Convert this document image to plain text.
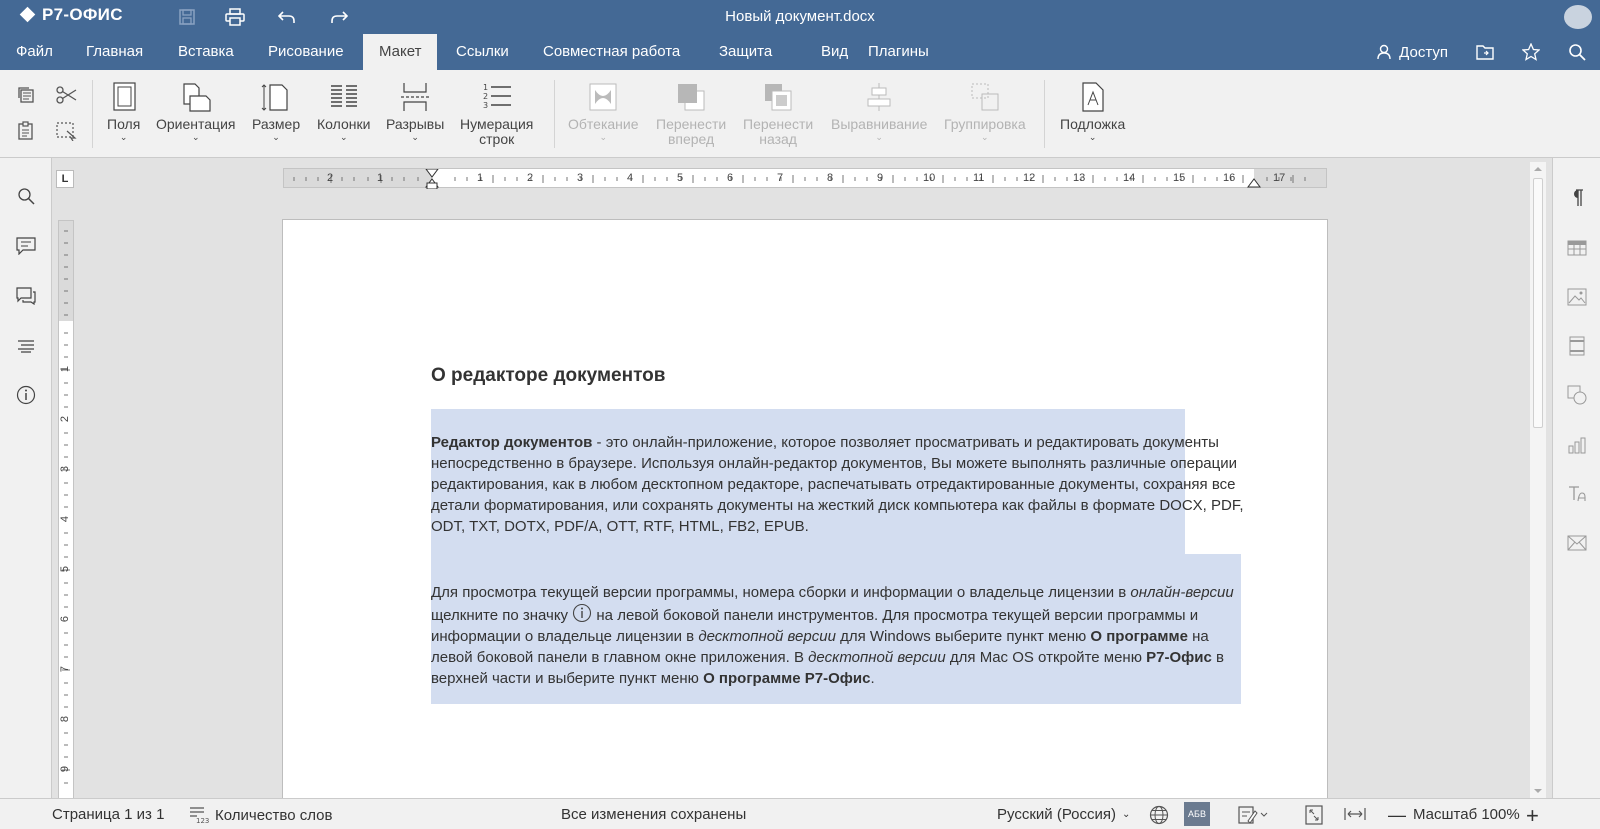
Р7-ОФИС	Новый документ.docx
Файл	Главная	Вставка	Рисование	Макет	Ссылки	Совместная работа	Защита	Вид	Плагины	Доступ
Поля
⌄
Ориентация
⌄
Размер
⌄
Колонки
⌄
Разрывы
⌄
1
2
3
Нумерация
строк
Обтекание
⌄
Перенести
вперед
Перенести
назад
Выравнивание
⌄
Группировка
⌄
Подложка
⌄
L	2	1	1	2	3	4	5	6	7	8	9	10	11	12	13	14	15	16	17
1
2
3
4
5
6
7
8
9
О редакторе документов
Редактор документов - это онлайн-приложение, которое позволяет просматривать и редактировать документы непосредственно в браузере. Используя онлайн-редактор документов, Вы можете выполнять различные операции редактирования, как в любом десктопном редакторе, распечатывать отредактированные документы, сохраняя все детали форматирования, или сохранять документы на жесткий диск компьютера как файлы в формате DOCX, PDF, ODT, TXT, DOTX, PDF/A, OTT, RTF, HTML, FB2, EPUB.
Для просмотра текущей версии программы, номера сборки и информации о владельце лицензии в онлайн-версии щелкните по значку  на левой боковой панели инструментов. Для просмотра текущей версии программы и информации о владельце лицензии в десктопной версии для Windows выберите пункт меню О программе на левой боковой панели в главном окне приложения. В десктопной версии для Mac OS откройте меню Р7-Офис в верхней части и выберите пункт меню О программе Р7-Офис.
Страница 1 из 1	123 Количество слов	Все изменения сохранены	Русский (Россия) ⌄	АБВ	— Масштаб 100% +
